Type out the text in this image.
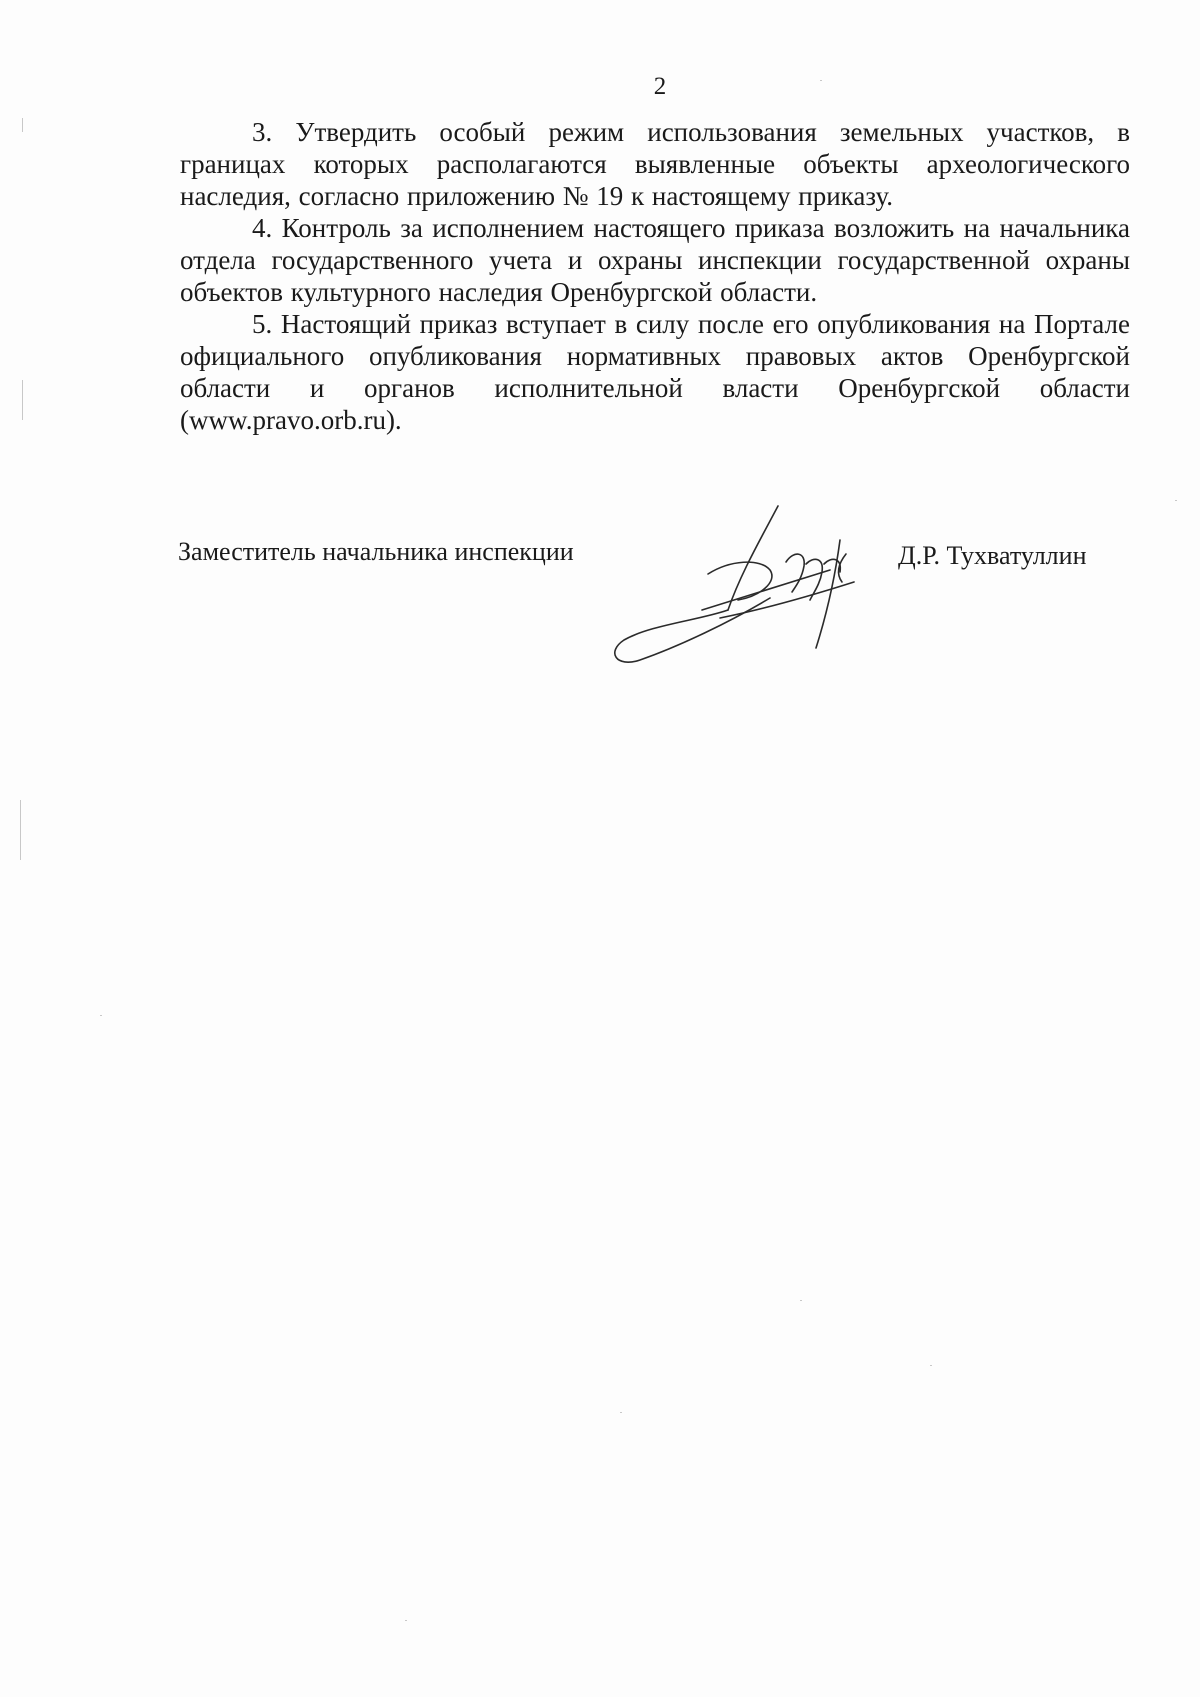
2

3. Утвердить особый режим использования земельных участков, в границах которых располагаются выявленные объекты археологического наследия, согласно приложению № 19 к настоящему приказу.

4. Контроль за исполнением настоящего приказа возложить на начальника отдела государственного учета и охраны инспекции государственной охраны объектов культурного наследия Оренбургской области.

5. Настоящий приказ вступает в силу после его опубликования на Портале официального опубликования нормативных правовых актов Оренбургской области и органов исполнительной власти Оренбургской области (www.pravo.orb.ru).

Заместитель начальника инспекции	Д.Р. Тухватуллин
